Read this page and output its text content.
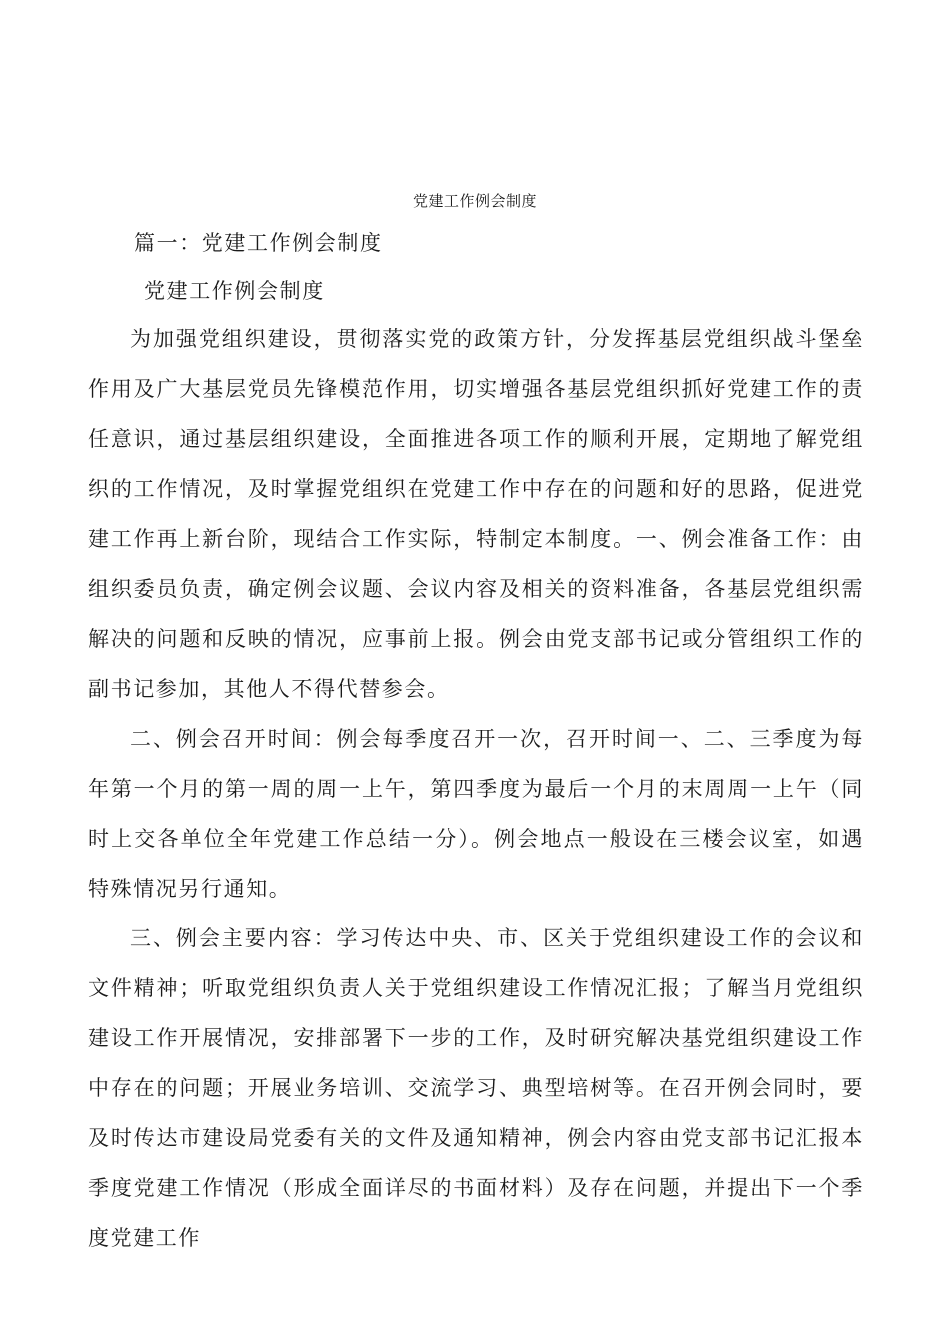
党建工作例会制度
篇一：党建工作例会制度
党建工作例会制度

为加强党组织建设，贯彻落实党的政策方针，分发挥基层党组织战斗堡垒作用及广大基层党员先锋模范作用，切实增强各基层党组织抓好党建工作的责任意识，通过基层组织建设，全面推进各项工作的顺利开展，定期地了解党组织的工作情况，及时掌握党组织在党建工作中存在的问题和好的思路，促进党建工作再上新台阶，现结合工作实际，特制定本制度。一、例会准备工作：由组织委员负责，确定例会议题、会议内容及相关的资料准备，各基层党组织需解决的问题和反映的情况，应事前上报。例会由党支部书记或分管组织工作的副书记参加，其他人不得代替参会。

二、例会召开时间：例会每季度召开一次，召开时间一、二、三季度为每年第一个月的第一周的周一上午，第四季度为最后一个月的末周周一上午（同时上交各单位全年党建工作总结一分）。例会地点一般设在三楼会议室，如遇特殊情况另行通知。

三、例会主要内容：学习传达中央、市、区关于党组织建设工作的会议和文件精神；听取党组织负责人关于党组织建设工作情况汇报；了解当月党组织建设工作开展情况，安排部署下一步的工作，及时研究解决基党组织建设工作中存在的问题；开展业务培训、交流学习、典型培树等。在召开例会同时，要及时传达市建设局党委有关的文件及通知精神，例会内容由党支部书记汇报本季度党建工作情况（形成全面详尽的书面材料）及存在问题，并提出下一个季度党建工作
